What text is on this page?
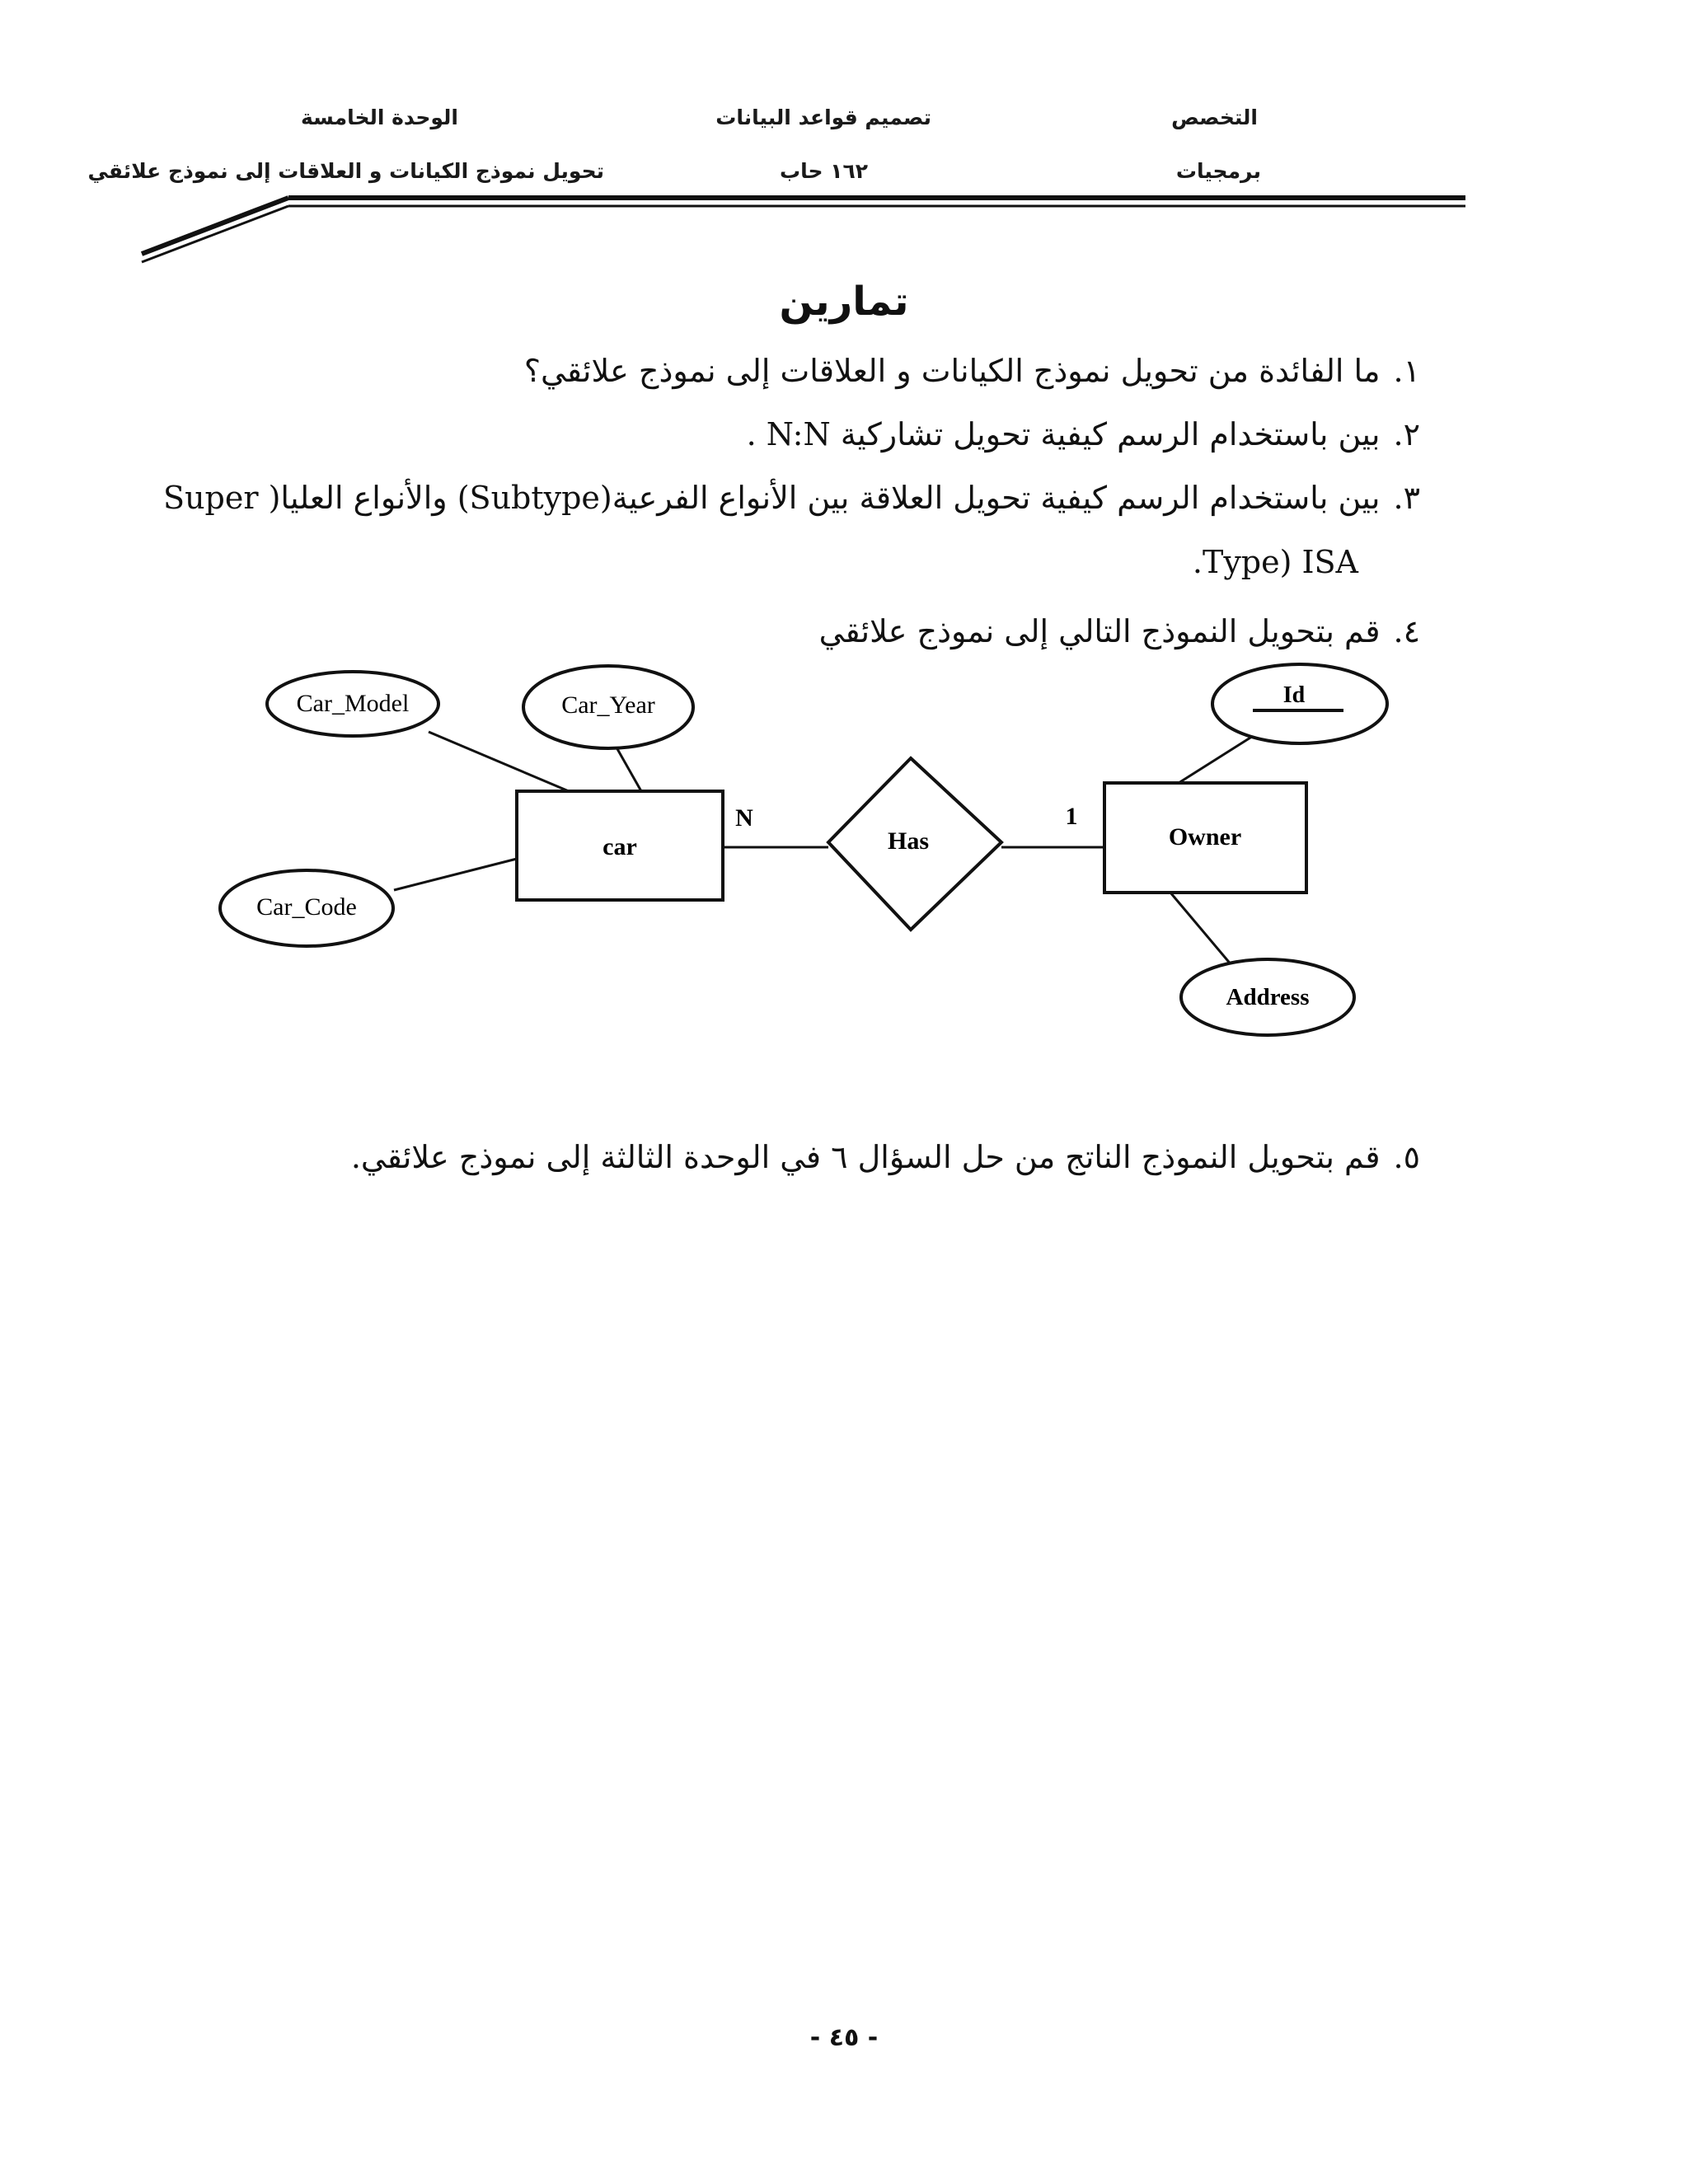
التخصص
برمجيات
تصميم قواعد البيانات
١٦٢ حاب
الوحدة الخامسة
تحويل نموذج الكيانات و العلاقات إلى نموذج علائقي
تمارين
١.ما الفائدة من تحويل نموذج الكيانات و العلاقات إلى نموذج علائقي؟
٢.بين باستخدام الرسم كيفية تحويل تشاركية N:N .
٣.بين باستخدام الرسم كيفية تحويل العلاقة بين الأنواع الفرعية(Subtype) والأنواع العليا( Super
Type) ISA.
٤.قم بتحويل النموذج التالي إلى نموذج علائقي
car	Owner
Has
N	1
Car_Model	Car_Year
Car_Code
Id
Address
٥.قم بتحويل النموذج الناتج من حل السؤال ٦ في الوحدة الثالثة إلى نموذج علائقي.
- ٤٥ -
